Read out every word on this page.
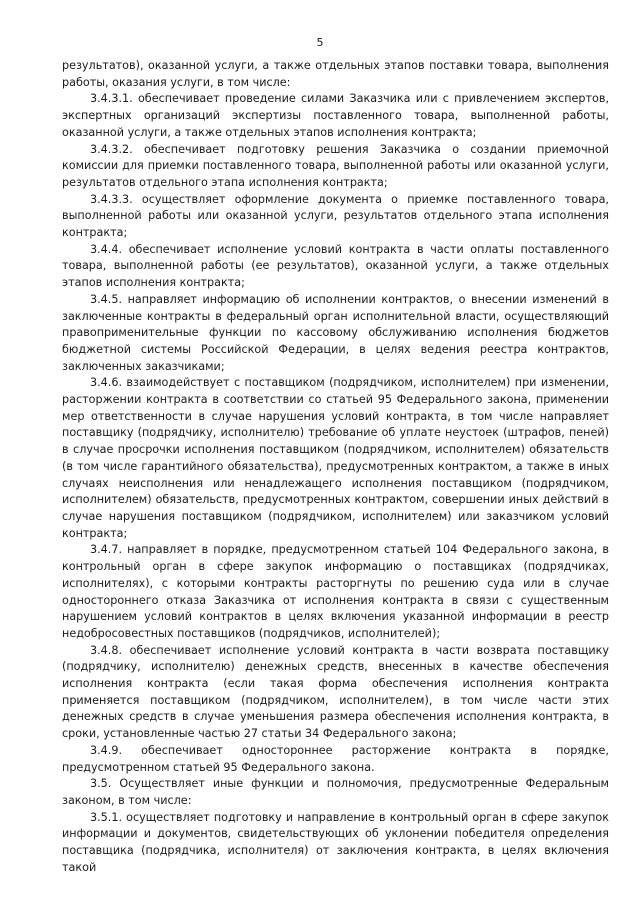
5

результатов), оказанной услуги, а также отдельных этапов поставки товара, выполнения работы, оказания услуги, в том числе:

3.4.3.1. обеспечивает проведение силами Заказчика или с привлечением экспертов, экспертных организаций экспертизы поставленного товара, выполненной работы, оказанной услуги, а также отдельных этапов исполнения контракта;

3.4.3.2. обеспечивает подготовку решения Заказчика о создании приемочной комиссии для приемки поставленного товара, выполненной работы или оказанной услуги, результатов отдельного этапа исполнения контракта;

3.4.3.3. осуществляет оформление документа о приемке поставленного товара, выполненной работы или оказанной услуги, результатов отдельного этапа исполнения контракта;

3.4.4. обеспечивает исполнение условий контракта в части оплаты поставленного товара, выполненной работы (ее результатов), оказанной услуги, а также отдельных этапов исполнения контракта;

3.4.5. направляет информацию об исполнении контрактов, о внесении изменений в заключенные контракты в федеральный орган исполнительной власти, осуществляющий правоприменительные функции по кассовому обслуживанию исполнения бюджетов бюджетной системы Российской Федерации, в целях ведения реестра контрактов, заключенных заказчиками;

3.4.6. взаимодействует с поставщиком (подрядчиком, исполнителем) при изменении, расторжении контракта в соответствии со статьей 95 Федерального закона, применении мер ответственности в случае нарушения условий контракта, в том числе направляет поставщику (подрядчику, исполнителю) требование об уплате неустоек (штрафов, пеней) в случае просрочки исполнения поставщиком (подрядчиком, исполнителем) обязательств (в том числе гарантийного обязательства), предусмотренных контрактом, а также в иных случаях неисполнения или ненадлежащего исполнения поставщиком (подрядчиком, исполнителем) обязательств, предусмотренных контрактом, совершении иных действий в случае нарушения поставщиком (подрядчиком, исполнителем) или заказчиком условий контракта;

3.4.7. направляет в порядке, предусмотренном статьей 104 Федерального закона, в контрольный орган в сфере закупок информацию о поставщиках (подрядчиках, исполнителях), с которыми контракты расторгнуты по решению суда или в случае одностороннего отказа Заказчика от исполнения контракта в связи с существенным нарушением условий контрактов в целях включения указанной информации в реестр недобросовестных поставщиков (подрядчиков, исполнителей);

3.4.8. обеспечивает исполнение условий контракта в части возврата поставщику (подрядчику, исполнителю) денежных средств, внесенных в качестве обеспечения исполнения контракта (если такая форма обеспечения исполнения контракта применяется поставщиком (подрядчиком, исполнителем), в том числе части этих денежных средств в случае уменьшения размера обеспечения исполнения контракта, в сроки, установленные частью 27 статьи 34 Федерального закона;

3.4.9. обеспечивает одностороннее расторжение контракта в порядке, предусмотренном статьей 95 Федерального закона.

3.5. Осуществляет иные функции и полномочия, предусмотренные Федеральным законом, в том числе:

3.5.1. осуществляет подготовку и направление в контрольный орган в сфере закупок информации и документов, свидетельствующих об уклонении победителя определения поставщика (подрядчика, исполнителя) от заключения контракта, в целях включения такой
